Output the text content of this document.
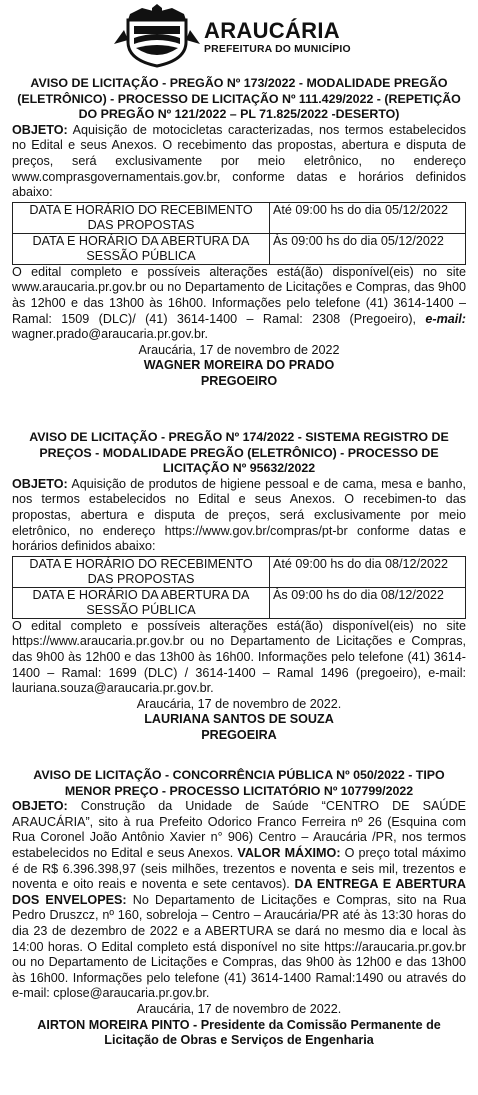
ARAUCÁRIA
PREFEITURA DO MUNICÍPIO
AVISO DE LICITAÇÃO - PREGÃO Nº 173/2022 - MODALIDADE PREGÃO (ELETRÔNICO) - PROCESSO DE LICITAÇÃO Nº 111.429/2022 - (REPETIÇÃO DO PREGÃO Nº 121/2022 – PL 71.825/2022 -DESERTO)
OBJETO: Aquisição de motocicletas caracterizadas, nos termos estabelecidos no Edital e seus Anexos. O recebimento das propostas, abertura e disputa de preços, será exclusivamente por meio eletrônico, no endereço www.comprasgovernamentais.gov.br, conforme datas e horários definidos abaixo:
DATA E HORÁRIO DO RECEBIMENTO DAS PROPOSTAS	Até 09:00 hs do dia 05/12/2022
DATA E HORÁRIO DA ABERTURA DA SESSÃO PÚBLICA	Às 09:00 hs do dia 05/12/2022
O edital completo e possíveis alterações está(ão) disponível(eis) no site www.araucaria.pr.gov.br ou no Departamento de Licitações e Compras, das 9h00 às 12h00 e das 13h00 às 16h00. Informações pelo telefone (41) 3614-1400 – Ramal: 1509 (DLC)/ (41) 3614-1400 – Ramal: 2308 (Pregoeiro), e-mail: wagner.prado@araucaria.pr.gov.br.
Araucária, 17 de novembro de 2022
WAGNER MOREIRA DO PRADO
PREGOEIRO
AVISO DE LICITAÇÃO - PREGÃO Nº 174/2022 - SISTEMA REGISTRO DE PREÇOS - MODALIDADE PREGÃO (ELETRÔNICO) - PROCESSO DE LICITAÇÃO Nº 95632/2022
OBJETO: Aquisição de produtos de higiene pessoal e de cama, mesa e banho, nos termos estabelecidos no Edital e seus Anexos. O recebimen-to das propostas, abertura e disputa de preços, será exclusivamente por meio eletrônico, no endereço https://www.gov.br/compras/pt-br conforme datas e horários definidos abaixo:
DATA E HORÁRIO DO RECEBIMENTO DAS PROPOSTAS	Até 09:00 hs do dia 08/12/2022
DATA E HORÁRIO DA ABERTURA DA SESSÃO PÚBLICA	Às 09:00 hs do dia 08/12/2022
O edital completo e possíveis alterações está(ão) disponível(eis) no site https://www.araucaria.pr.gov.br ou no Departamento de Licitações e Compras, das 9h00 às 12h00 e das 13h00 às 16h00. Informações pelo telefone (41) 3614-1400 – Ramal: 1699 (DLC) / 3614-1400 – Ramal 1496 (pregoeiro), e-mail: lauriana.souza@araucaria.pr.gov.br.
Araucária, 17 de novembro de 2022.
LAURIANA SANTOS DE SOUZA
PREGOEIRA
AVISO DE LICITAÇÃO - CONCORRÊNCIA PÚBLICA Nº 050/2022 - TIPO MENOR PREÇO - PROCESSO LICITATÓRIO Nº 107799/2022
OBJETO: Construção da Unidade de Saúde “CENTRO DE SAÚDE ARAUCÁRIA”, sito à rua Prefeito Odorico Franco Ferreira nº 26 (Esquina com Rua Coronel João Antônio Xavier n° 906) Centro – Araucária /PR, nos termos estabelecidos no Edital e seus Anexos. VALOR MÁXIMO: O preço total máximo é de R$ 6.396.398,97 (seis milhões, trezentos e noventa e seis mil, trezentos e noventa e oito reais e noventa e sete centavos). DA ENTREGA E ABERTURA DOS ENVELOPES: No Departamento de Licitações e Compras, sito na Rua Pedro Druszcz, nº 160, sobreloja – Centro – Araucária/PR até às 13:30 horas do dia 23 de dezembro de 2022 e a ABERTURA se dará no mesmo dia e local às 14:00 horas. O Edital completo está disponível no site https://araucaria.pr.gov.br ou no Departamento de Licitações e Compras, das 9h00 às 12h00 e das 13h00 às 16h00. Informações pelo telefone (41) 3614-1400 Ramal:1490 ou através do e-mail: cplose@araucaria.pr.gov.br.
Araucária, 17 de novembro de 2022.
AIRTON MOREIRA PINTO - Presidente da Comissão Permanente de Licitação de Obras e Serviços de Engenharia
